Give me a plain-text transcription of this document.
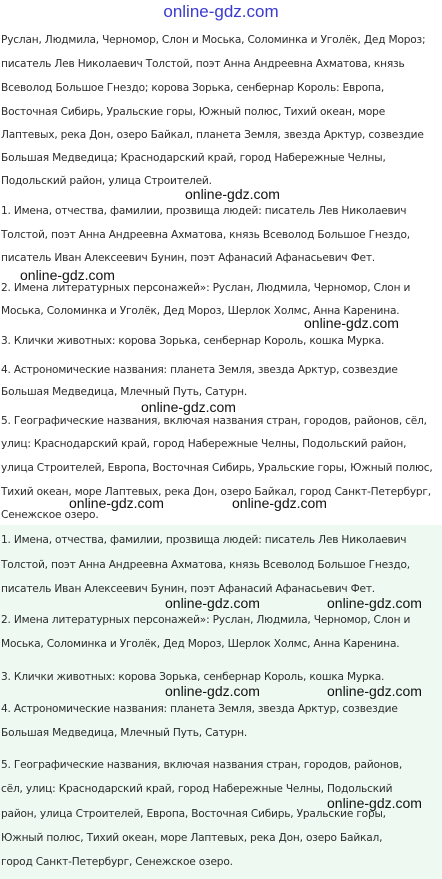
online-gdz.com
Руслан, Людмила, Черномор, Слон и Моська, Соломинка и Уголёк, Дед Мороз;
писатель Лев Николаевич Толстой, поэт Анна Андреевна Ахматова, князь
Всеволод Большое Гнездо; корова Зорька, сенбернар Король: Европа,
Восточная Сибирь, Уральские горы, Южный полюс, Тихий океан, море
Лаптевых, река Дон, озеро Байкал, планета Земля, звезда Арктур, созвездие
Большая Медведица; Краснодарский край, город Набережные Челны,
Подольский район, улица Строителей.
1. Имена, отчества, фамилии, прозвища людей: писатель Лев Николаевич
Толстой, поэт Анна Андреевна Ахматова, князь Всеволод Большое Гнездо,
писатель Иван Алексеевич Бунин, поэт Афанасий Афанасьевич Фет.
2. Имена литературных персонажей»: Руслан, Людмила, Черномор, Слон и
Моська, Соломинка и Уголёк, Дед Мороз, Шерлок Холмс, Анна Каренина.
3. Клички животных: корова Зорька, сенбернар Король, кошка Мурка.
4. Астрономические названия: планета Земля, звезда Арктур, созвездие
Большая Медведица, Млечный Путь, Сатурн.
5. Географические названия, включая названия стран, городов, районов, сёл,
улиц: Краснодарский край, город Набережные Челны, Подольский район,
улица Строителей, Европа, Восточная Сибирь, Уральские горы, Южный полюс,
Тихий океан, море Лаптевых, река Дон, озеро Байкал, город Санкт-Петербург,
Сенежское озеро.
1. Имена, отчества, фамилии, прозвища людей: писатель Лев Николаевич
Толстой, поэт Анна Андреевна Ахматова, князь Всеволод Большое Гнездо,
писатель Иван Алексеевич Бунин, поэт Афанасий Афанасьевич Фет.
2. Имена литературных персонажей»: Руслан, Людмила, Черномор, Слон и
Моська, Соломинка и Уголёк, Дед Мороз, Шерлок Холмс, Анна Каренина.
3. Клички животных: корова Зорька, сенбернар Король, кошка Мурка.
4. Астрономические названия: планета Земля, звезда Арктур, созвездие
Большая Медведица, Млечный Путь, Сатурн.
5. Географические названия, включая названия стран, городов, районов,
сёл, улиц: Краснодарский край, город Набережные Челны, Подольский
район, улица Строителей, Европа, Восточная Сибирь, Уральские горы,
Южный полюс, Тихий океан, море Лаптевых, река Дон, озеро Байкал,
город Санкт-Петербург, Сенежское озеро.
online-gdz.com
online-gdz.com
online-gdz.com
online-gdz.com
online-gdz.com	online-gdz.com
online-gdz.com	online-gdz.com
online-gdz.com	online-gdz.com
online-gdz.com
